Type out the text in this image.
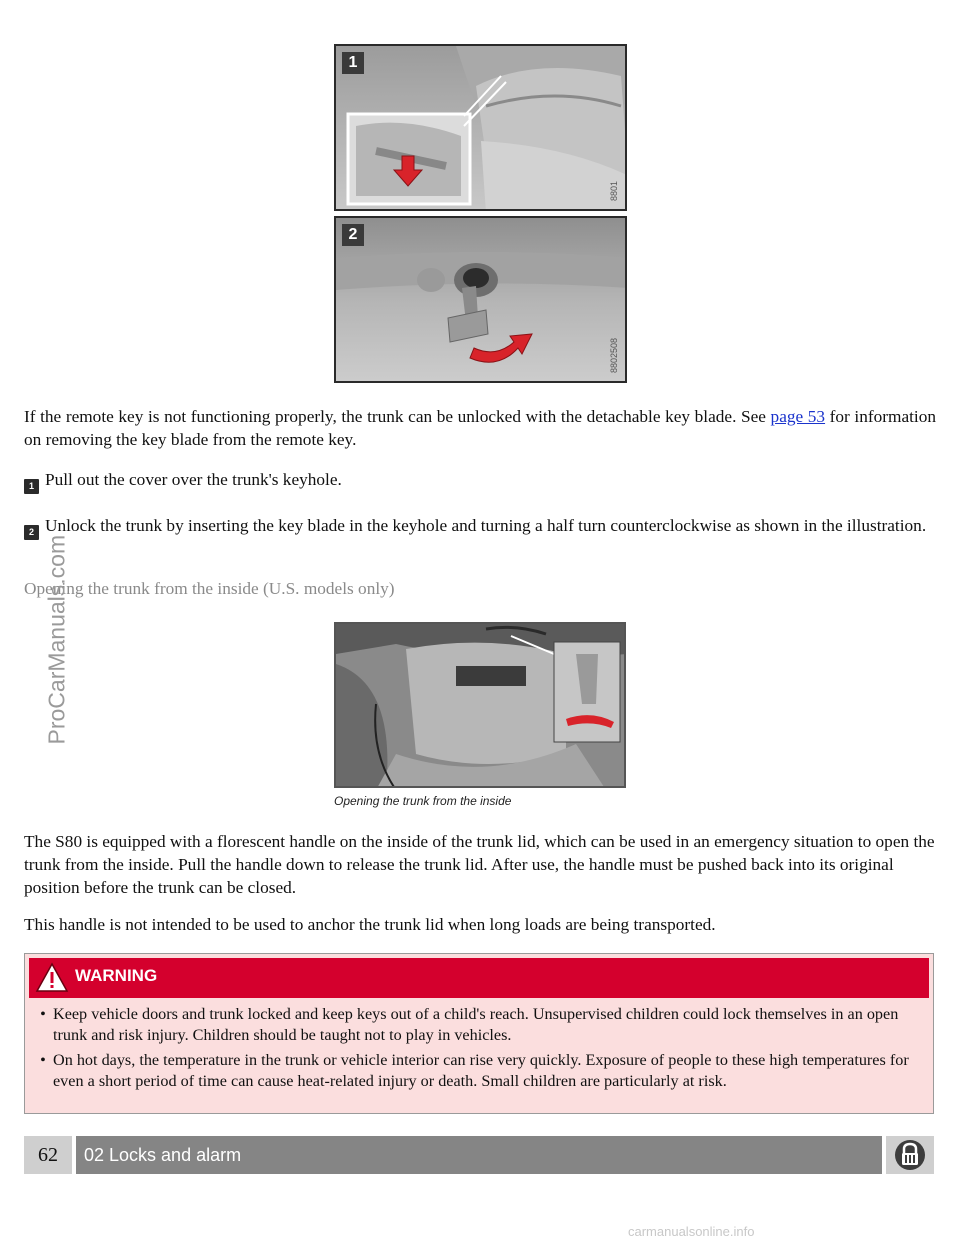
1
8801
2
8802508

If the remote key is not functioning properly, the trunk can be unlocked with the detachable key blade. See page 53 for information on removing the key blade from the remote key.

1 Pull out the cover over the trunk's keyhole.

2 Unlock the trunk by inserting the key blade in the keyhole and turning a half turn counterclockwise as shown in the illustration.

Opening the trunk from the inside (U.S. models only)
Opening the trunk from the inside

The S80 is equipped with a florescent handle on the inside of the trunk lid, which can be used in an emergency situation to open the trunk from the inside. Pull the handle down to release the trunk lid. After use, the handle must be pushed back into its original position before the trunk can be closed.

This handle is not intended to be used to anchor the trunk lid when long loads are being transported.

WARNING

• Keep vehicle doors and trunk locked and keep keys out of a child's reach. Unsupervised children could lock themselves in an open trunk and risk injury. Children should be taught not to play in vehicles.

• On hot days, the temperature in the trunk or vehicle interior can rise very quickly. Exposure of people to these high temperatures for even a short period of time can cause heat-related injury or death. Small children are particularly at risk.

62	02 Locks and alarm
ProCarManuals.com
carmanualsonline.info
